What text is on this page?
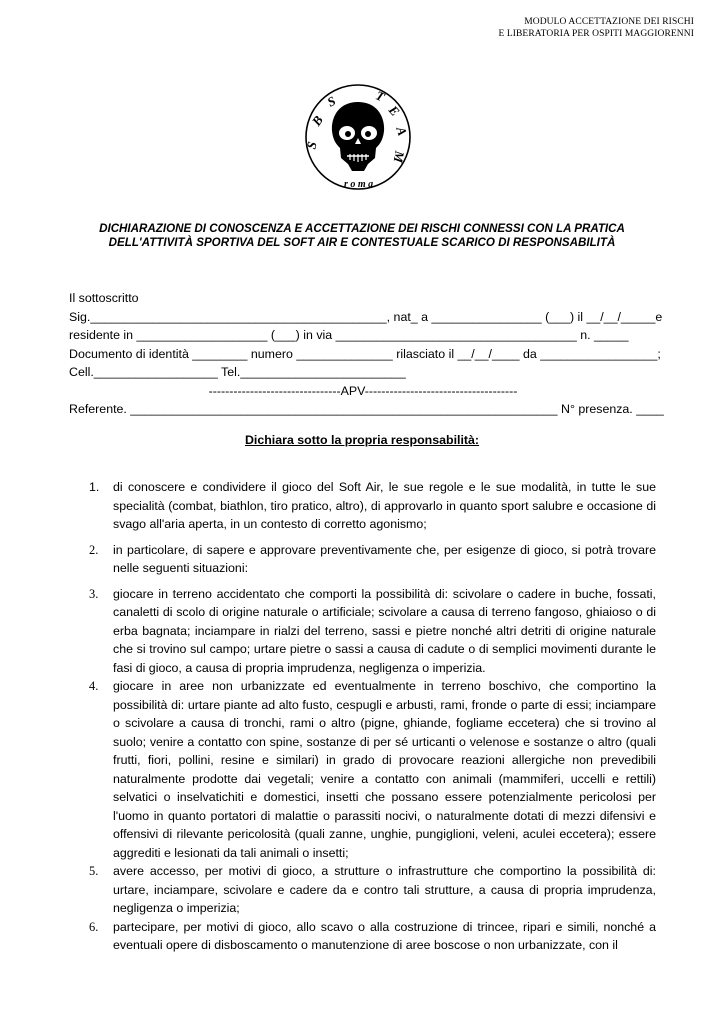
MODULO ACCETTAZIONE DEI RISCHI
E LIBERATORIA PER OSPITI MAGGIORENNI
S
B
S	T
E
A
M
r o m a
DICHIARAZIONE DI CONOSCENZA E ACCETTAZIONE DEI RISCHI CONNESSI CON LA PRATICA
DELL'ATTIVITÀ SPORTIVA DEL SOFT AIR E CONTESTUALE SCARICO DI RESPONSABILITÀ
Il sottoscritto
Sig.___________________________________________, nat_ a ________________ (___) il __/__/_____ e
residente in ___________________ (___) in via ___________________________________ n. _____
Documento di identità ________ numero ______________ rilasciato il __/__/____ da _________________ ;
Cell.__________________ Tel.________________________
--------------------------------APV-------------------------------------
Referente. ______________________________________________________________ N° presenza. ____
Dichiara sotto la propria responsabilità:
1. di conoscere e condividere il gioco del Soft Air, le sue regole e le sue modalità, in tutte le sue specialità (combat, biathlon, tiro pratico, altro), di approvarlo in quanto sport salubre e occasione di svago all'aria aperta, in un contesto di corretto agonismo;
2. in particolare, di sapere e approvare preventivamente che, per esigenze di gioco, si potrà trovare nelle seguenti situazioni:
3. giocare in terreno accidentato che comporti la possibilità di: scivolare o cadere in buche, fossati, canaletti di scolo di origine naturale o artificiale; scivolare a causa di terreno fangoso, ghiaioso o di erba bagnata; inciampare in rialzi del terreno, sassi e pietre nonché altri detriti di origine naturale che si trovino sul campo; urtare pietre o sassi a causa di cadute o di semplici movimenti durante le fasi di gioco, a causa di propria imprudenza, negligenza o imperizia.
4. giocare in aree non urbanizzate ed eventualmente in terreno boschivo, che comportino la possibilità di: urtare piante ad alto fusto, cespugli e arbusti, rami, fronde o parte di essi; inciampare o scivolare a causa di tronchi, rami o altro (pigne, ghiande, fogliame eccetera) che si trovino al suolo; venire a contatto con spine, sostanze di per sé urticanti o velenose e sostanze o altro (quali frutti, fiori, pollini, resine e similari) in grado di provocare reazioni allergiche non prevedibili naturalmente prodotte dai vegetali; venire a contatto con animali (mammiferi, uccelli e rettili) selvatici o inselvatichiti e domestici, insetti che possano essere potenzialmente pericolosi per l'uomo in quanto portatori di malattie o parassiti nocivi, o naturalmente dotati di mezzi difensivi e offensivi di rilevante pericolosità (quali zanne, unghie, pungiglioni, veleni, aculei eccetera); essere aggrediti e lesionati da tali animali o insetti;
5. avere accesso, per motivi di gioco, a strutture o infrastrutture che comportino la possibilità di: urtare, inciampare, scivolare e cadere da e contro tali strutture, a causa di propria imprudenza, negligenza o imperizia;
6. partecipare, per motivi di gioco, allo scavo o alla costruzione di trincee, ripari e simili, nonché a eventuali opere di disboscamento o manutenzione di aree boscose o non urbanizzate, con il
